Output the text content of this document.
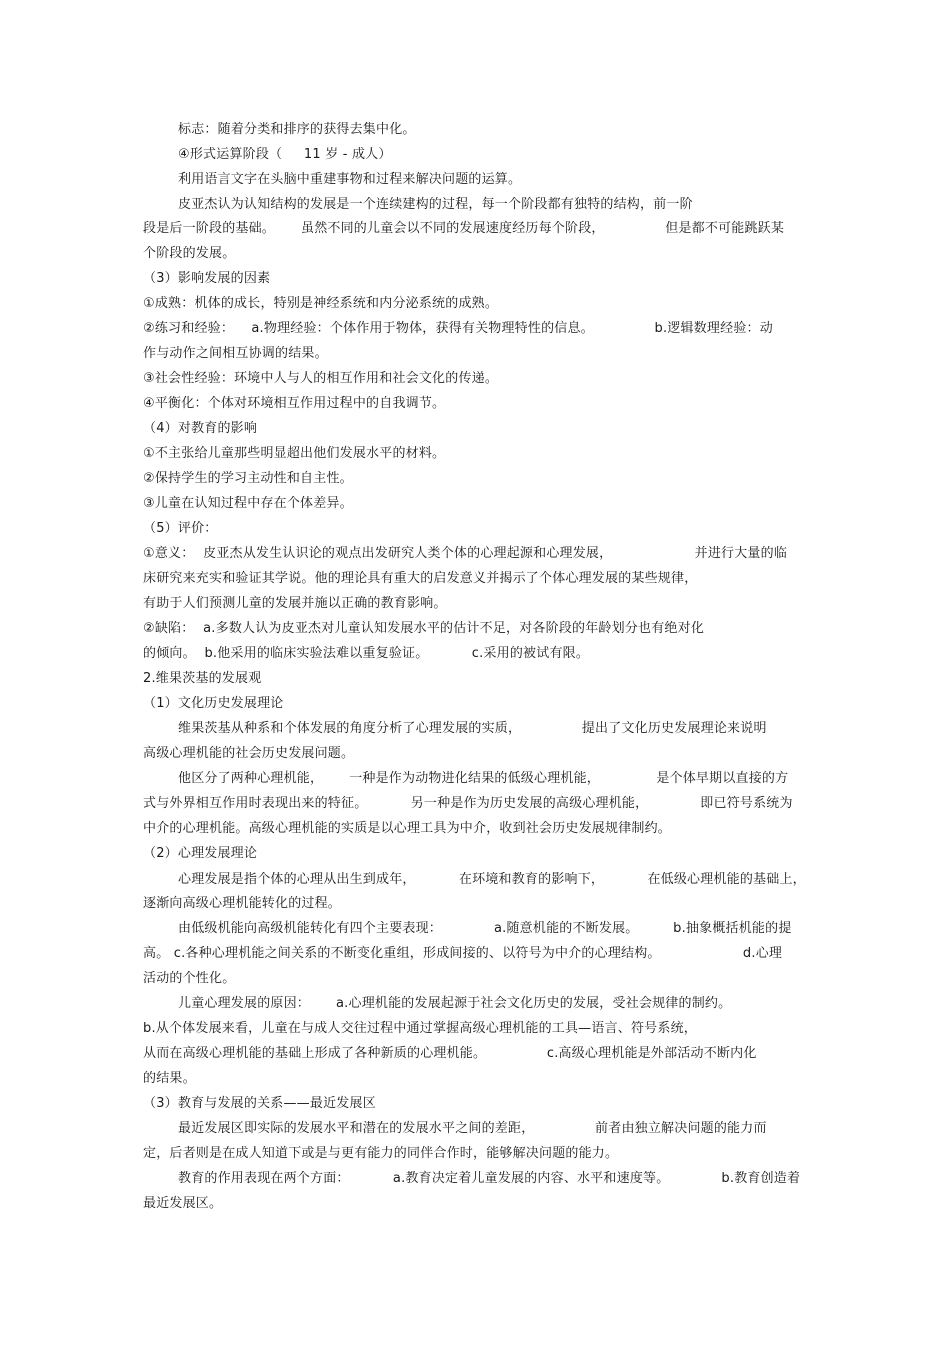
标志：随着分类和排序的获得去集中化。
④形式运算阶段（     11 岁 - 成人）
利用语言文字在头脑中重建事物和过程来解决问题的运算。
皮亚杰认为认知结构的发展是一个连续建构的过程，每一个阶段都有独特的结构，前一阶
段是后一阶段的基础。      虽然不同的儿童会以不同的发展速度经历每个阶段，              但是都不可能跳跃某
个阶段的发展。
（3）影响发展的因素
①成熟：机体的成长，特别是神经系统和内分泌系统的成熟。
②练习和经验：    a.物理经验：个体作用于物体，获得有关物理特性的信息。              b.逻辑数理经验：动
作与动作之间相互协调的结果。
③社会性经验：环境中人与人的相互作用和社会文化的传递。
④平衡化：个体对环境相互作用过程中的自我调节。
（4）对教育的影响
①不主张给儿童那些明显超出他们发展水平的材料。
②保持学生的学习主动性和自主性。
③儿童在认知过程中存在个体差异。
（5）评价：
①意义：  皮亚杰从发生认识论的观点出发研究人类个体的心理起源和心理发展，                   并进行大量的临
床研究来充实和验证其学说。他的理论具有重大的启发意义并揭示了个体心理发展的某些规律，
有助于人们预测儿童的发展并施以正确的教育影响。
②缺陷：  a.多数人认为皮亚杰对儿童认知发展水平的估计不足，对各阶段的年龄划分也有绝对化
的倾向。  b.他采用的临床实验法难以重复验证。          c.采用的被试有限。
2.维果茨基的发展观
（1）文化历史发展理论
维果茨基从种系和个体发展的角度分析了心理发展的实质，              提出了文化历史发展理论来说明
高级心理机能的社会历史发展问题。
他区分了两种心理机能，      一种是作为动物进化结果的低级心理机能，             是个体早期以直接的方
式与外界相互作用时表现出来的特征。          另一种是作为历史发展的高级心理机能，            即已符号系统为
中介的心理机能。高级心理机能的实质是以心理工具为中介，收到社会历史发展规律制约。
（2）心理发展理论
心理发展是指个体的心理从出生到成年，          在环境和教育的影响下，          在低级心理机能的基础上，
逐渐向高级心理机能转化的过程。
由低级机能向高级机能转化有四个主要表现：            a.随意机能的不断发展。        b.抽象概括机能的提
高。 c.各种心理机能之间关系的不断变化重组，形成间接的、以符号为中介的心理结构。                   d.心理
活动的个性化。
儿童心理发展的原因：      a.心理机能的发展起源于社会文化历史的发展，受社会规律的制约。
b.从个体发展来看，儿童在与成人交往过程中通过掌握高级心理机能的工具—语言、符号系统，
从而在高级心理机能的基础上形成了各种新质的心理机能。              c.高级心理机能是外部活动不断内化
的结果。
（3）教育与发展的关系——最近发展区
最近发展区即实际的发展水平和潜在的发展水平之间的差距，              前者由独立解决问题的能力而
定，后者则是在成人知道下或是与更有能力的同伴合作时，能够解决问题的能力。
教育的作用表现在两个方面：          a.教育决定着儿童发展的内容、水平和速度等。            b.教育创造着
最近发展区。
